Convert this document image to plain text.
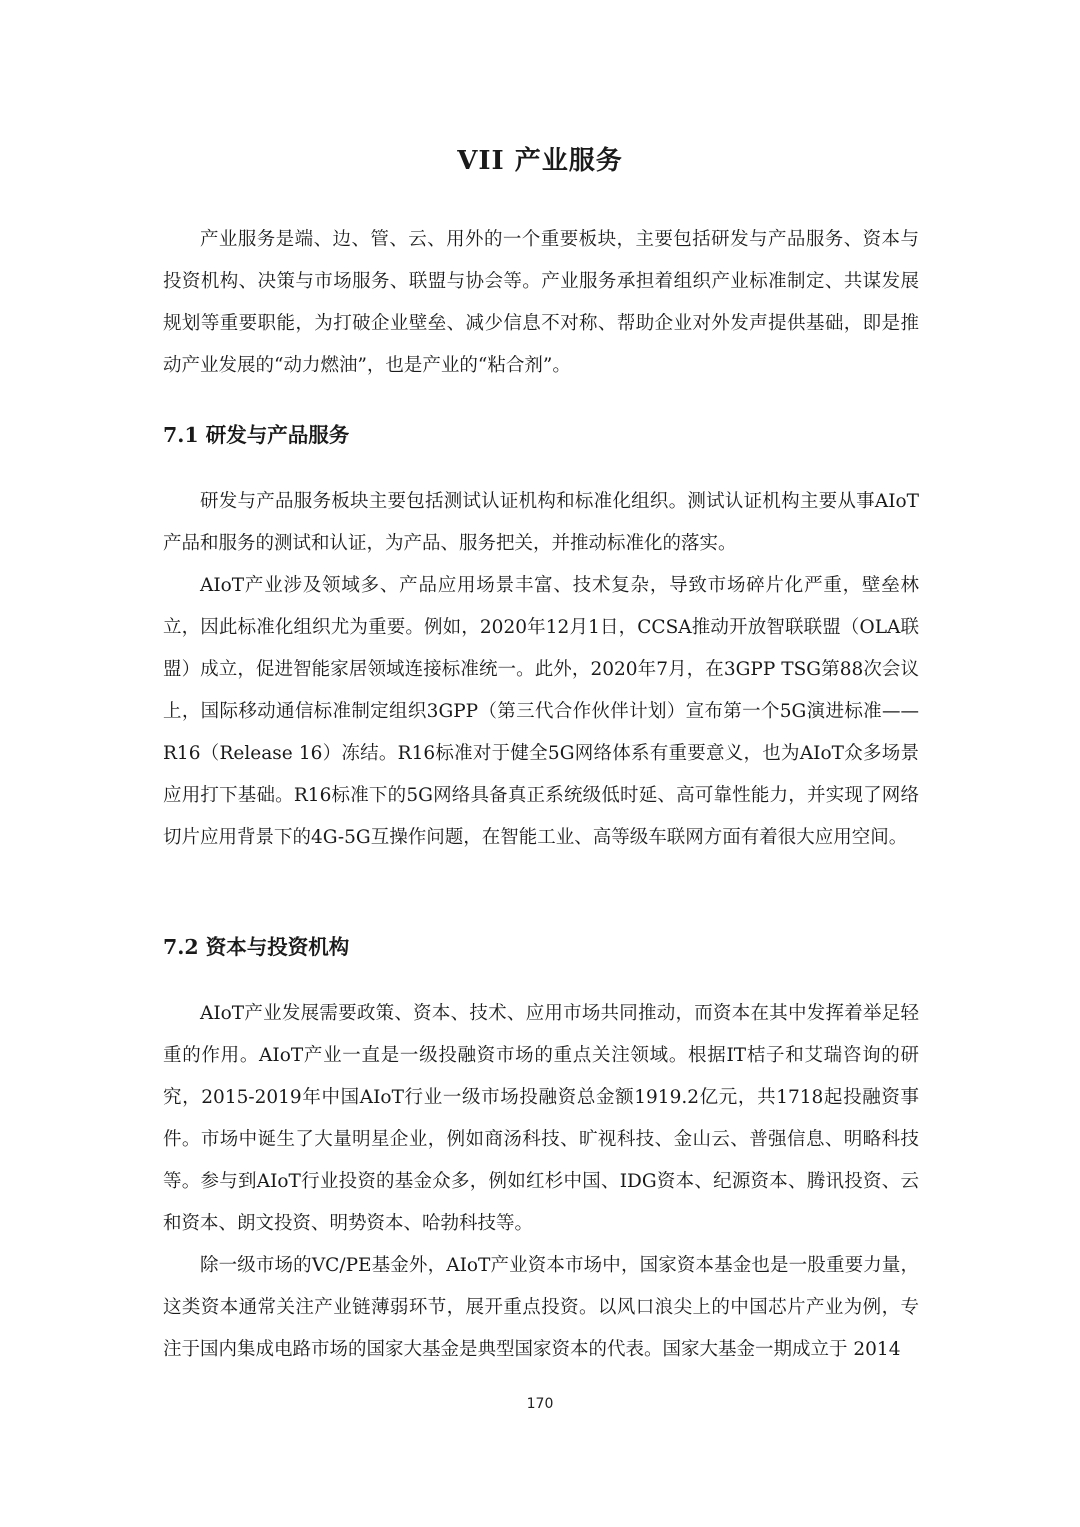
VII 产业服务

产业服务是端、边、管、云、用外的一个重要板块，主要包括研发与产品服务、资本与投资机构、决策与市场服务、联盟与协会等。产业服务承担着组织产业标准制定、共谋发展规划等重要职能，为打破企业壁垒、减少信息不对称、帮助企业对外发声提供基础，即是推动产业发展的“动力燃油”，也是产业的“粘合剂”。

7.1 研发与产品服务

研发与产品服务板块主要包括测试认证机构和标准化组织。测试认证机构主要从事AIoT产品和服务的测试和认证，为产品、服务把关，并推动标准化的落实。

AIoT产业涉及领域多、产品应用场景丰富、技术复杂，导致市场碎片化严重，壁垒林立，因此标准化组织尤为重要。例如，2020年12月1日，CCSA推动开放智联联盟（OLA联盟）成立，促进智能家居领域连接标准统一。此外，2020年7月，在3GPP TSG第88次会议上，国际移动通信标准制定组织3GPP（第三代合作伙伴计划）宣布第一个5G演进标准——R16（Release 16）冻结。R16标准对于健全5G网络体系有重要意义，也为AIoT众多场景应用打下基础。R16标准下的5G网络具备真正系统级低时延、高可靠性能力，并实现了网络切片应用背景下的4G-5G互操作问题，在智能工业、高等级车联网方面有着很大应用空间。

7.2 资本与投资机构

AIoT产业发展需要政策、资本、技术、应用市场共同推动，而资本在其中发挥着举足轻重的作用。AIoT产业一直是一级投融资市场的重点关注领域。根据IT桔子和艾瑞咨询的研究，2015-2019年中国AIoT行业一级市场投融资总金额1919.2亿元，共1718起投融资事件。市场中诞生了大量明星企业，例如商汤科技、旷视科技、金山云、普强信息、明略科技等。参与到AIoT行业投资的基金众多，例如红杉中国、IDG资本、纪源资本、腾讯投资、云和资本、朗文投资、明势资本、哈勃科技等。

除一级市场的VC/PE基金外，AIoT产业资本市场中，国家资本基金也是一股重要力量，这类资本通常关注产业链薄弱环节，展开重点投资。以风口浪尖上的中国芯片产业为例，专注于国内集成电路市场的国家大基金是典型国家资本的代表。国家大基金一期成立于 2014

170
